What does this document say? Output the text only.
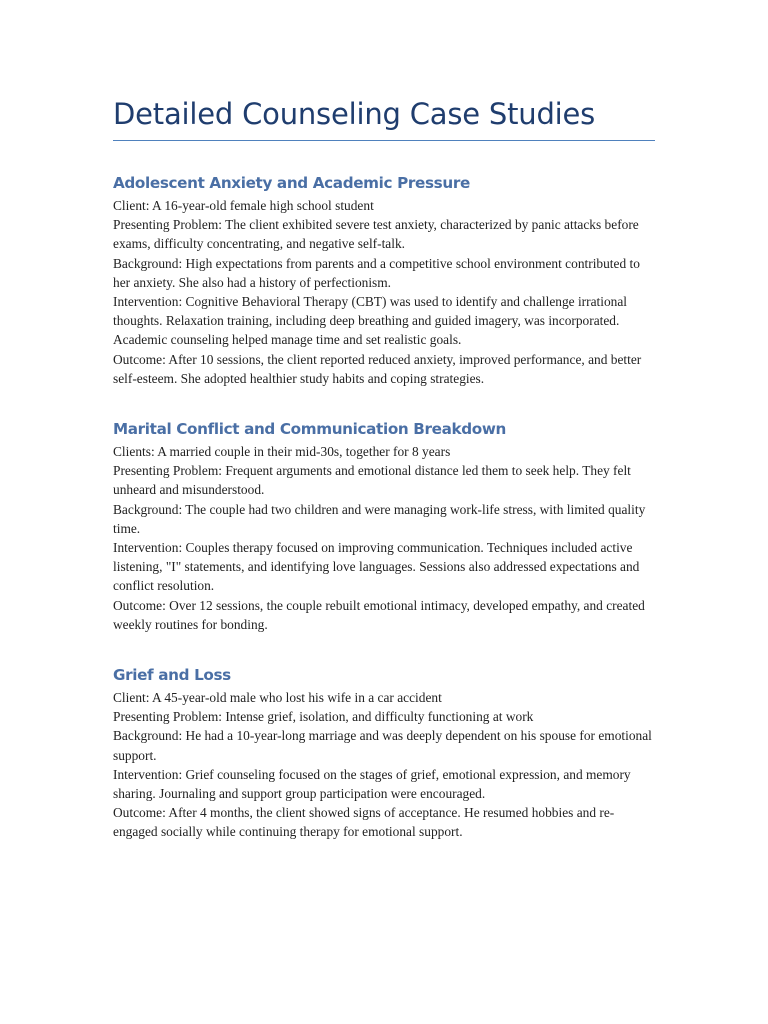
Detailed Counseling Case Studies
Adolescent Anxiety and Academic Pressure

Client: A 16-year-old female high school student

Presenting Problem: The client exhibited severe test anxiety, characterized by panic attacks before exams, difficulty concentrating, and negative self-talk.

Background: High expectations from parents and a competitive school environment contributed to her anxiety. She also had a history of perfectionism.

Intervention: Cognitive Behavioral Therapy (CBT) was used to identify and challenge irrational thoughts. Relaxation training, including deep breathing and guided imagery, was incorporated. Academic counseling helped manage time and set realistic goals.

Outcome: After 10 sessions, the client reported reduced anxiety, improved performance, and better self-esteem. She adopted healthier study habits and coping strategies.

Marital Conflict and Communication Breakdown

Clients: A married couple in their mid-30s, together for 8 years

Presenting Problem: Frequent arguments and emotional distance led them to seek help. They felt unheard and misunderstood.

Background: The couple had two children and were managing work-life stress, with limited quality time.

Intervention: Couples therapy focused on improving communication. Techniques included active listening, "I" statements, and identifying love languages. Sessions also addressed expectations and conflict resolution.

Outcome: Over 12 sessions, the couple rebuilt emotional intimacy, developed empathy, and created weekly routines for bonding.

Grief and Loss

Client: A 45-year-old male who lost his wife in a car accident

Presenting Problem: Intense grief, isolation, and difficulty functioning at work

Background: He had a 10-year-long marriage and was deeply dependent on his spouse for emotional support.

Intervention: Grief counseling focused on the stages of grief, emotional expression, and memory sharing. Journaling and support group participation were encouraged.

Outcome: After 4 months, the client showed signs of acceptance. He resumed hobbies and re-engaged socially while continuing therapy for emotional support.
